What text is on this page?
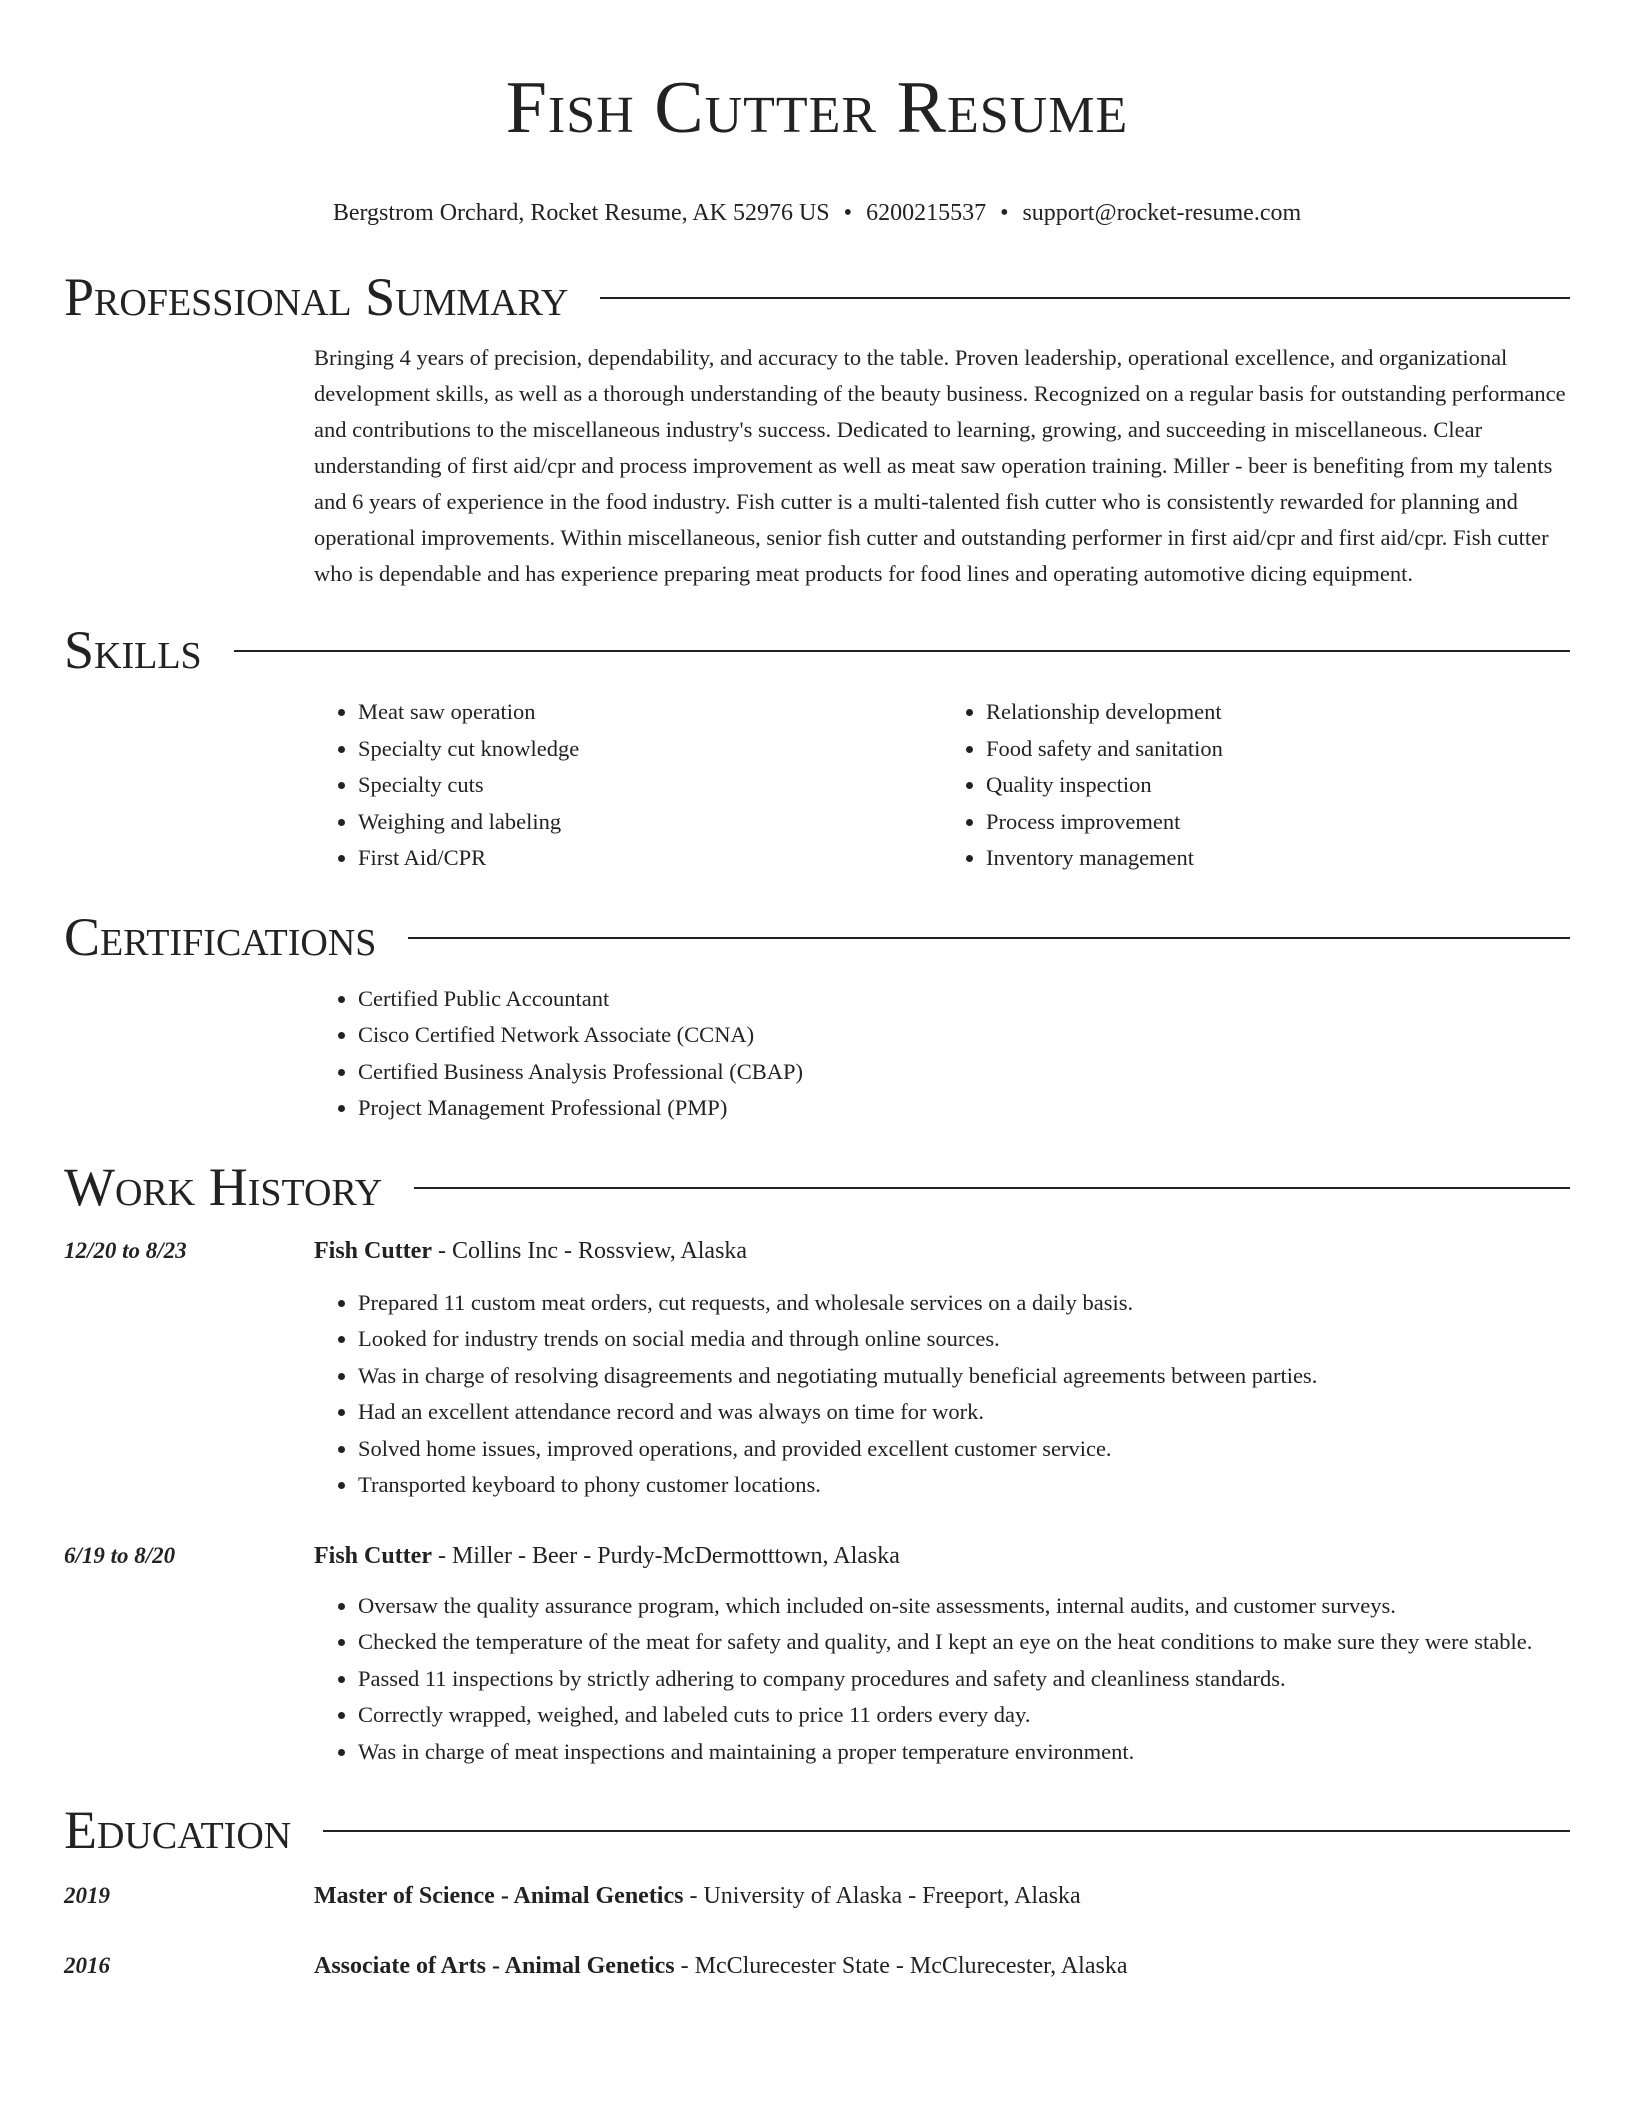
Fish Cutter Resume
Bergstrom Orchard, Rocket Resume, AK 52976 US • 6200215537 • support@rocket-resume.com
Professional Summary
Bringing 4 years of precision, dependability, and accuracy to the table. Proven leadership, operational excellence, and organizational development skills, as well as a thorough understanding of the beauty business. Recognized on a regular basis for outstanding performance and contributions to the miscellaneous industry's success. Dedicated to learning, growing, and succeeding in miscellaneous. Clear understanding of first aid/cpr and process improvement as well as meat saw operation training. Miller - beer is benefiting from my talents and 6 years of experience in the food industry. Fish cutter is a multi-talented fish cutter who is consistently rewarded for planning and operational improvements. Within miscellaneous, senior fish cutter and outstanding performer in first aid/cpr and first aid/cpr. Fish cutter who is dependable and has experience preparing meat products for food lines and operating automotive dicing equipment.
Skills
• Meat saw operation
• Specialty cut knowledge
• Specialty cuts
• Weighing and labeling
• First Aid/CPR
• Relationship development
• Food safety and sanitation
• Quality inspection
• Process improvement
• Inventory management
Certifications
• Certified Public Accountant
• Cisco Certified Network Associate (CCNA)
• Certified Business Analysis Professional (CBAP)
• Project Management Professional (PMP)
Work History
12/20 to 8/23	Fish Cutter - Collins Inc - Rossview, Alaska
• Prepared 11 custom meat orders, cut requests, and wholesale services on a daily basis.
• Looked for industry trends on social media and through online sources.
• Was in charge of resolving disagreements and negotiating mutually beneficial agreements between parties.
• Had an excellent attendance record and was always on time for work.
• Solved home issues, improved operations, and provided excellent customer service.
• Transported keyboard to phony customer locations.
6/19 to 8/20	Fish Cutter - Miller - Beer - Purdy-McDermotttown, Alaska
• Oversaw the quality assurance program, which included on-site assessments, internal audits, and customer surveys.
• Checked the temperature of the meat for safety and quality, and I kept an eye on the heat conditions to make sure they were stable.
• Passed 11 inspections by strictly adhering to company procedures and safety and cleanliness standards.
• Correctly wrapped, weighed, and labeled cuts to price 11 orders every day.
• Was in charge of meat inspections and maintaining a proper temperature environment.
Education
2019	Master of Science - Animal Genetics - University of Alaska - Freeport, Alaska
2016	Associate of Arts - Animal Genetics - McClurecester State - McClurecester, Alaska
